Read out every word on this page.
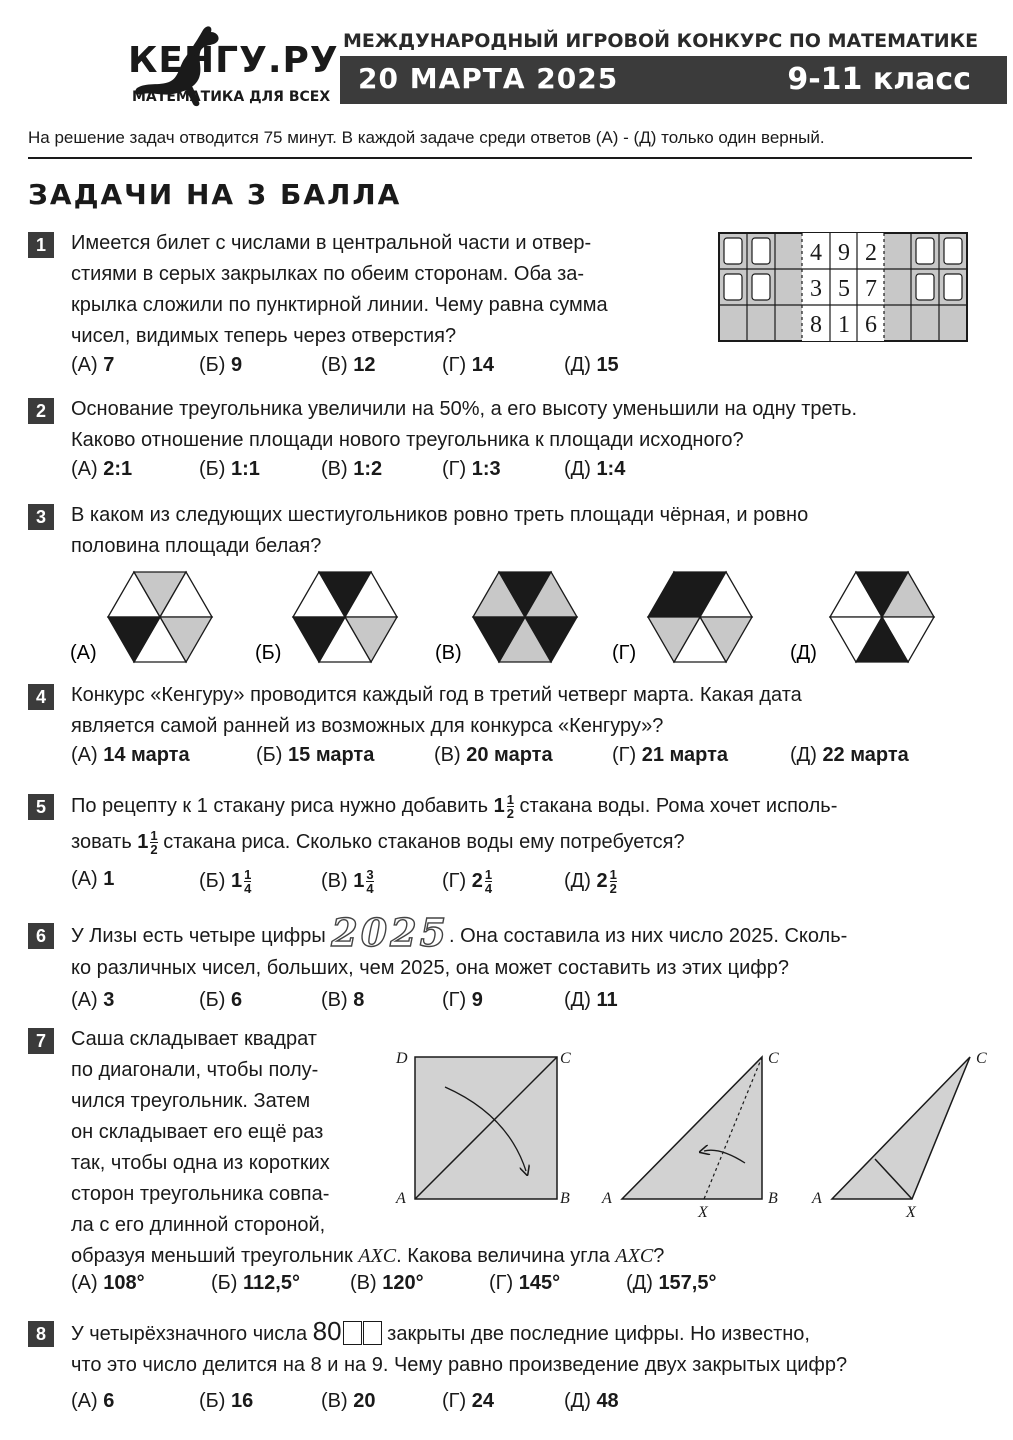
КЕНГУ.РУ
МАТЕМАТИКА ДЛЯ ВСЕХ
МЕЖДУНАРОДНЫЙ ИГРОВОЙ КОНКУРС ПО МАТЕМАТИКЕ
20 МАРТА 2025	9-11 класс
На решение задач отводится 75 минут. В каждой задаче среди ответов (А) - (Д) только один верный.
ЗАДАЧИ НА 3 БАЛЛА
1	Имеется билет с числами в центральной части и отвер-
стиями в серых закрылках по обеим сторонам. Оба за-
крылка сложили по пунктирной линии. Чему равна сумма
чисел, видимых теперь через отверстия?
4 9 2
3 5 7
8 1 6
2	Основание треугольника увеличили на 50%, а его высоту уменьшили на одну треть.
Каково отношение площади нового треугольника к площади исходного?
3	В каком из следующих шестиугольников ровно треть площади чёрная, и ровно
половина площади белая?
(А)	(Б)	(В)	(Г)	(Д)
4	Конкурс «Кенгуру» проводится каждый год в третий четверг марта. Какая дата
является самой ранней из возможных для конкурса «Кенгуру»?
5	По рецепту к 1 стакану риса нужно добавить $1 \frac{1}{2}$ стакана воды. Рома хочет исполь-
зовать $1 \frac{1}{2}$ стакана риса. Сколько стаканов воды ему потребуется?
6	У Лизы есть четыре цифры 2025. Она составила из них число 2025. Сколь-
ко различных чисел, больших, чем 2025, она может составить из этих цифр?
7	Саша складывает квадрат
по диагонали, чтобы полу-
чился треугольник. Затем
он складывает его ещё раз
так, чтобы одна из коротких
сторон треугольника совпа-
ла с его длинной стороной,
образуя меньший треугольник AXC. Какова величина угла AXC?
D	C
A	B A	B
C
X
A
C
X
8	У четырёхзначного числа 80 закрыты две последние цифры. Но известно,
что это число делится на 8 и на 9. Чему равно произведение двух закрытых цифр?
(А) 7	(Б) 9	(В) 12	(Г) 14	(Д) 15
(А) 2:1	(Б) 1:1	(В) 1:2	(Г) 1:3	(Д) 1:4
(А) 14 марта	(Б) 15 марта	(В) 20 марта	(Г) 21 марта	(Д) 22 марта
(А) 3	(Б) 6	(В) 8	(Г) 9	(Д) 11
(А) 108°	(Б) 112,5°	(В) 120°	(Г) 145°	(Д) 157,5°
(А) 6	(Б) 16	(В) 20	(Г) 24	(Д) 48
(А) 1	(Б) $1 \frac{1}{4}$	(В) $1 \frac{3}{4}$	(Г) $2 \frac{1}{4}$	(Д) $2 \frac{1}{2}$
